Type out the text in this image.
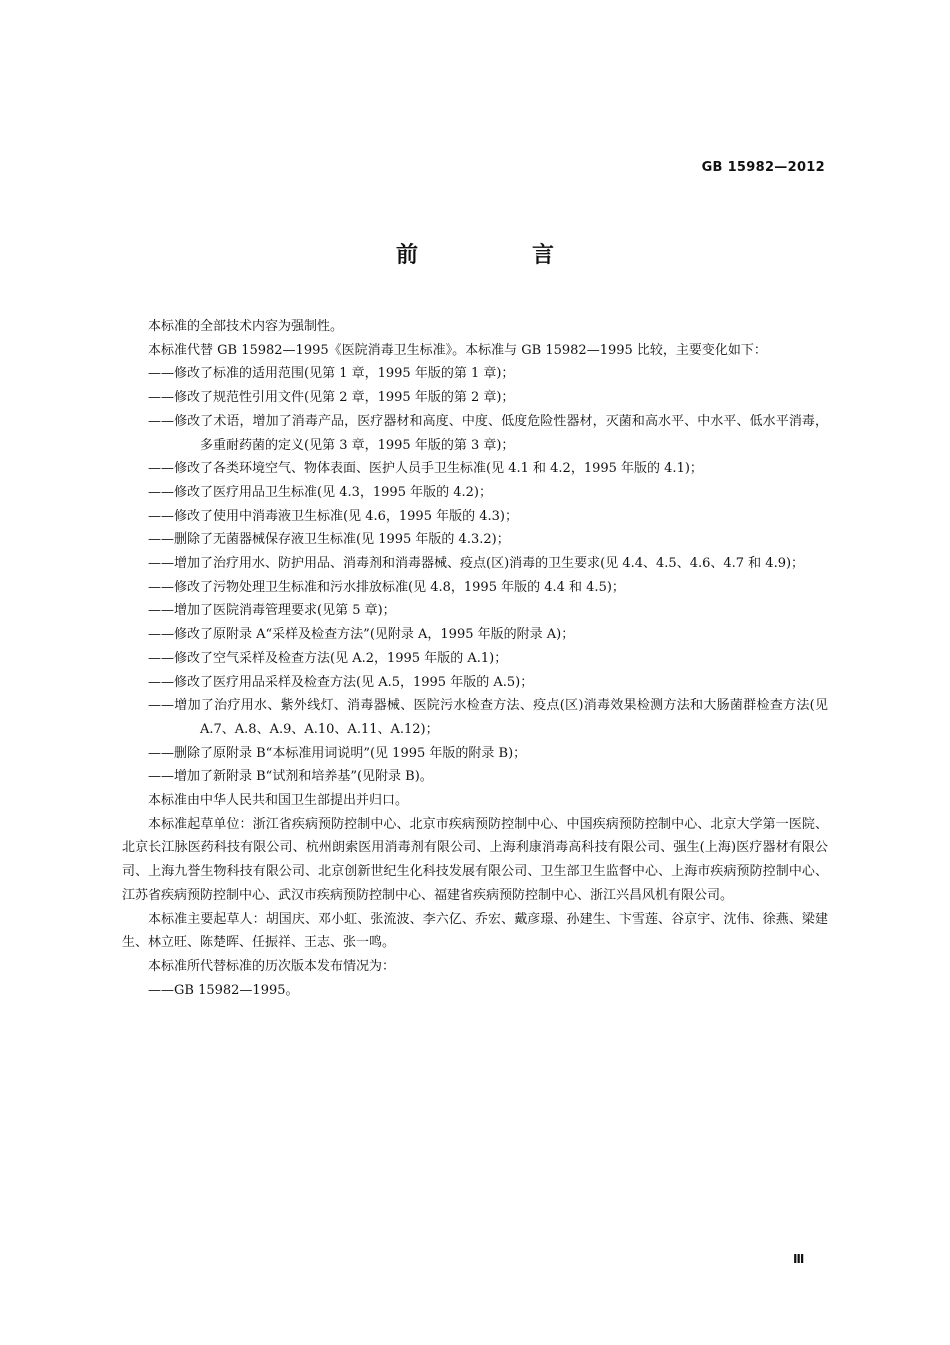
GB 15982—2012
前　言

本标准的全部技术内容为强制性。

本标准代替 GB 15982—1995《医院消毒卫生标准》。本标准与 GB 15982—1995 比较，主要变化如下：

——修改了标准的适用范围(见第 1 章，1995 年版的第 1 章)；

——修改了规范性引用文件(见第 2 章，1995 年版的第 2 章)；

——修改了术语，增加了消毒产品，医疗器材和高度、中度、低度危险性器材，灭菌和高水平、中水平、低水平消毒，多重耐药菌的定义(见第 3 章，1995 年版的第 3 章)；

——修改了各类环境空气、物体表面、医护人员手卫生标准(见 4.1 和 4.2，1995 年版的 4.1)；

——修改了医疗用品卫生标准(见 4.3，1995 年版的 4.2)；

——修改了使用中消毒液卫生标准(见 4.6，1995 年版的 4.3)；

——删除了无菌器械保存液卫生标准(见 1995 年版的 4.3.2)；

——增加了治疗用水、防护用品、消毒剂和消毒器械、疫点(区)消毒的卫生要求(见 4.4、4.5、4.6、4.7 和 4.9)；

——修改了污物处理卫生标准和污水排放标准(见 4.8，1995 年版的 4.4 和 4.5)；

——增加了医院消毒管理要求(见第 5 章)；

——修改了原附录 A“采样及检查方法”(见附录 A，1995 年版的附录 A)；

——修改了空气采样及检查方法(见 A.2，1995 年版的 A.1)；

——修改了医疗用品采样及检查方法(见 A.5，1995 年版的 A.5)；

——增加了治疗用水、紫外线灯、消毒器械、医院污水检查方法、疫点(区)消毒效果检测方法和大肠菌群检查方法(见 A.7、A.8、A.9、A.10、A.11、A.12)；

——删除了原附录 B“本标准用词说明”(见 1995 年版的附录 B)；

——增加了新附录 B“试剂和培养基”(见附录 B)。

本标准由中华人民共和国卫生部提出并归口。

本标准起草单位：浙江省疾病预防控制中心、北京市疾病预防控制中心、中国疾病预防控制中心、北京大学第一医院、北京长江脉医药科技有限公司、杭州朗索医用消毒剂有限公司、上海利康消毒高科技有限公司、强生(上海)医疗器材有限公司、上海九誉生物科技有限公司、北京创新世纪生化科技发展有限公司、卫生部卫生监督中心、上海市疾病预防控制中心、江苏省疾病预防控制中心、武汉市疾病预防控制中心、福建省疾病预防控制中心、浙江兴昌风机有限公司。

本标准主要起草人：胡国庆、邓小虹、张流波、李六亿、乔宏、戴彦璟、孙建生、卞雪莲、谷京宇、沈伟、徐燕、梁建生、林立旺、陈楚晖、任振祥、王志、张一鸣。

本标准所代替标准的历次版本发布情况为：

——GB 15982—1995。

Ⅲ
